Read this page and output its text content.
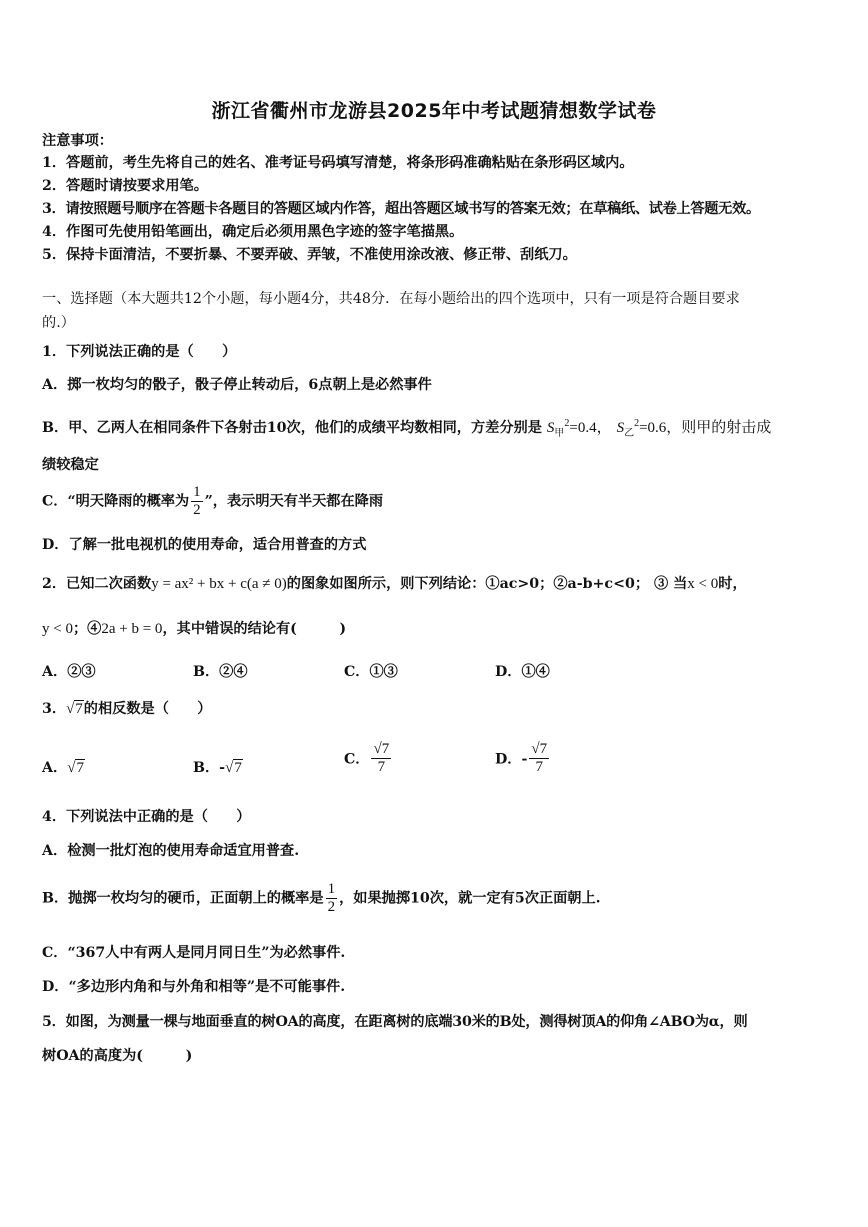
浙江省衢州市龙游县2025年中考试题猜想数学试卷
注意事项：
1．答题前，考生先将自己的姓名、准考证号码填写清楚，将条形码准确粘贴在条形码区域内。
2．答题时请按要求用笔。
3．请按照题号顺序在答题卡各题目的答题区域内作答，超出答题区域书写的答案无效；在草稿纸、试卷上答题无效。
4．作图可先使用铅笔画出，确定后必须用黑色字迹的签字笔描黑。
5．保持卡面清洁，不要折暴、不要弄破、弄皱，不准使用涂改液、修正带、刮纸刀。
一、选择题（本大题共12个小题，每小题4分，共48分．在每小题给出的四个选项中，只有一项是符合题目要求
的.）
1．下列说法正确的是（　　）
A．掷一枚均匀的骰子，骰子停止转动后，6点朝上是必然事件
B．甲、乙两人在相同条件下各射击10次，他们的成绩平均数相同，方差分别是 $S_甲^2=0.4$， $S_乙^2=0.6$，则甲的射击成
绩较稳定
C．“明天降雨的概率为 $\frac{1}{2}$ ”，表示明天有半天都在降雨
D．了解一批电视机的使用寿命，适合用普查的方式
2．已知二次函数y = ax² + bx + c(a ≠ 0)的图象如图所示，则下列结论：①ac>0；②a-b+c<0； ③ 当x < 0时，
y < 0；④2a + b = 0，其中错误的结论有(　　　)
A．②③	B．②④	C．①③	D．①④
3．√7的相反数是（　　）
A．√7	B．-√7
C． $\frac{√7}{7}$	D．- $\frac{√7}{7}$
4．下列说法中正确的是（　　）
A．检测一批灯泡的使用寿命适宜用普查.
B．抛掷一枚均匀的硬币，正面朝上的概率是 $\frac{1}{2}$ ，如果抛掷10次，就一定有5次正面朝上.
C．“367人中有两人是同月同日生”为必然事件.
D．“多边形内角和与外角和相等”是不可能事件.
5．如图，为测量一棵与地面垂直的树OA的高度，在距离树的底端30米的B处，测得树顶A的仰角∠ABO为α，则
树OA的高度为(　　　)
